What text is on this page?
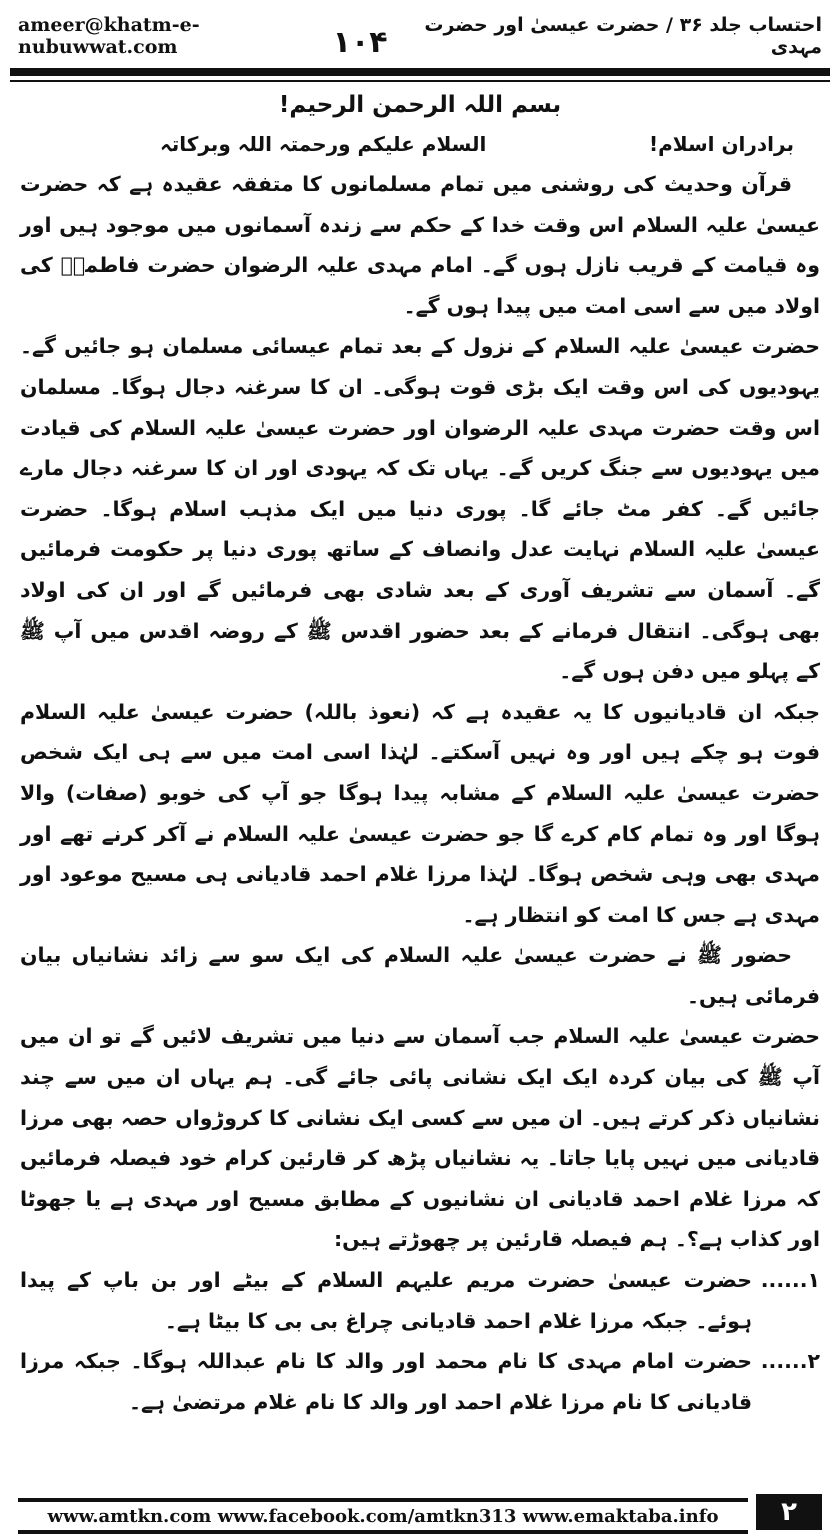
ameer@khatm-e-nubuwwat.com
احتساب جلد ۳۶ / حضرت عیسیٰ اور حضرت مہدی
۱۰۴
بسم اللہ الرحمن الرحیم!
برادران اسلام!
السلام علیکم ورحمتہ اللہ وبرکاتہ

قرآن وحدیث کی روشنی میں تمام مسلمانوں کا متفقہ عقیدہ ہے کہ حضرت عیسیٰ علیہ السلام اس وقت خدا کے حکم سے زندہ آسمانوں میں موجود ہیں اور وہ قیامت کے قریب نازل ہوں گے۔ امام مہدی علیہ الرضوان حضرت فاطمہؓ کی اولاد میں سے اسی امت میں پیدا ہوں گے۔

حضرت عیسیٰ علیہ السلام کے نزول کے بعد تمام عیسائی مسلمان ہو جائیں گے۔ یہودیوں کی اس وقت ایک بڑی قوت ہوگی۔ ان کا سرغنہ دجال ہوگا۔ مسلمان اس وقت حضرت مہدی علیہ الرضوان اور حضرت عیسیٰ علیہ السلام کی قیادت میں یہودیوں سے جنگ کریں گے۔ یہاں تک کہ یہودی اور ان کا سرغنہ دجال مارے جائیں گے۔ کفر مٹ جائے گا۔ پوری دنیا میں ایک مذہب اسلام ہوگا۔ حضرت عیسیٰ علیہ السلام نہایت عدل وانصاف کے ساتھ پوری دنیا پر حکومت فرمائیں گے۔ آسمان سے تشریف آوری کے بعد شادی بھی فرمائیں گے اور ان کی اولاد بھی ہوگی۔ انتقال فرمانے کے بعد حضور اقدس ﷺ کے روضہ اقدس میں آپ ﷺ کے پہلو میں دفن ہوں گے۔

جبکہ ان قادیانیوں کا یہ عقیدہ ہے کہ (نعوذ باللہ) حضرت عیسیٰ علیہ السلام فوت ہو چکے ہیں اور وہ نہیں آسکتے۔ لہٰذا اسی امت میں سے ہی ایک شخص حضرت عیسیٰ علیہ السلام کے مشابہ پیدا ہوگا جو آپ کی خوبو (صفات) والا ہوگا اور وہ تمام کام کرے گا جو حضرت عیسیٰ علیہ السلام نے آکر کرنے تھے اور مہدی بھی وہی شخص ہوگا۔ لہٰذا مرزا غلام احمد قادیانی ہی مسیح موعود اور مہدی ہے جس کا امت کو انتظار ہے۔

حضور ﷺ نے حضرت عیسیٰ علیہ السلام کی ایک سو سے زائد نشانیاں بیان فرمائی ہیں۔

حضرت عیسیٰ علیہ السلام جب آسمان سے دنیا میں تشریف لائیں گے تو ان میں آپ ﷺ کی بیان کردہ ایک ایک نشانی پائی جائے گی۔ ہم یہاں ان میں سے چند نشانیاں ذکر کرتے ہیں۔ ان میں سے کسی ایک نشانی کا کروڑواں حصہ بھی مرزا قادیانی میں نہیں پایا جاتا۔ یہ نشانیاں پڑھ کر قارئین کرام خود فیصلہ فرمائیں کہ مرزا غلام احمد قادیانی ان نشانیوں کے مطابق مسیح اور مہدی ہے یا جھوٹا اور کذاب ہے؟۔ ہم فیصلہ قارئین پر چھوڑتے ہیں:

۱......
حضرت عیسیٰ حضرت مریم علیہم السلام کے بیٹے اور بن باپ کے پیدا ہوئے۔ جبکہ مرزا غلام احمد قادیانی چراغ بی بی کا بیٹا ہے۔
۲......
حضرت امام مہدی کا نام محمد اور والد کا نام عبداللہ ہوگا۔ جبکہ مرزا قادیانی کا نام مرزا غلام احمد اور والد کا نام غلام مرتضیٰ ہے۔
www.amtkn.com www.facebook.com/amtkn313 www.emaktaba.info	۲
